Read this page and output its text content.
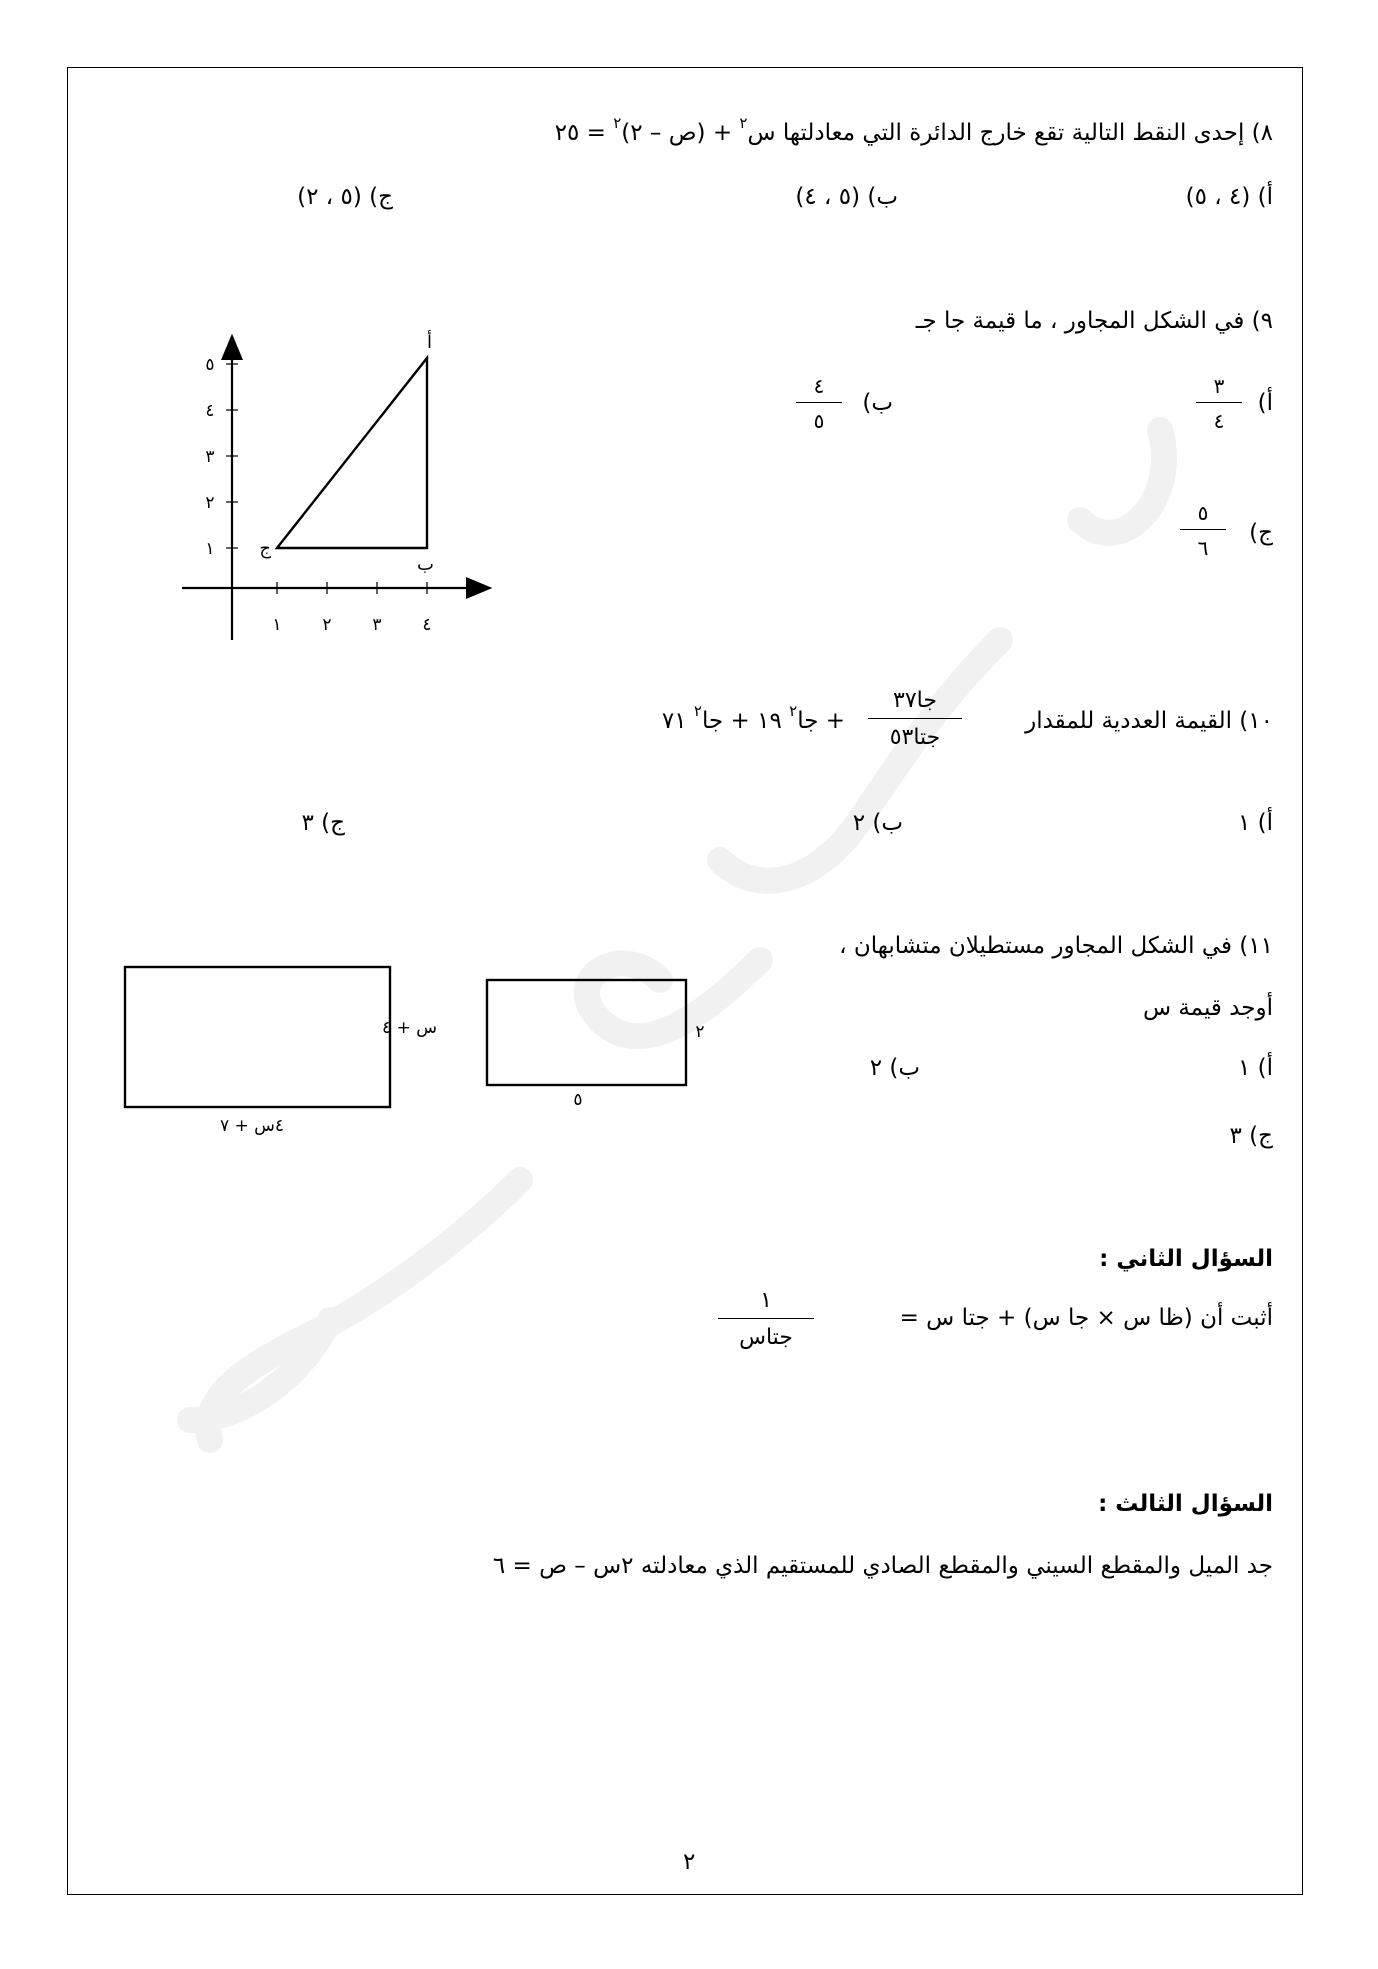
٨) إحدى النقط التالية تقع خارج الدائرة التي معادلتها س$^٢$ + (ص – ٢)$^٢$ = ٢٥
أ) (٤ ، ٥)
ب) (٥ ، ٤)
ج) (٥ ، ٢)
٩) في الشكل المجاور ، ما قيمة جا جـ
أ)
٣
٤
ب)
٤
٥
ج)
٥
٦
١ ٢ ٣ ٤
١
٢
٣
٤
٥
أ
ب
ج
١٠) القيمة العددية للمقدار
جا٣٧
جتا٥٣
+ جا$^٢$ ١٩ + جا$^٢$ ٧١
أ) ١
ب) ٢
ج) ٣
١١) في الشكل المجاور مستطيلان متشابهان ،
أوجد قيمة س
أ) ١
ب) ٢
ج) ٣
س + ٤
٤س + ٧
٢
٥
السؤال الثاني :
أثبت أن (ظا س × جا س) + جتا س =
١
جتاس
السؤال الثالث :
جد الميل والمقطع السيني والمقطع الصادي للمستقيم الذي معادلته ٢س – ص = ٦
٢
